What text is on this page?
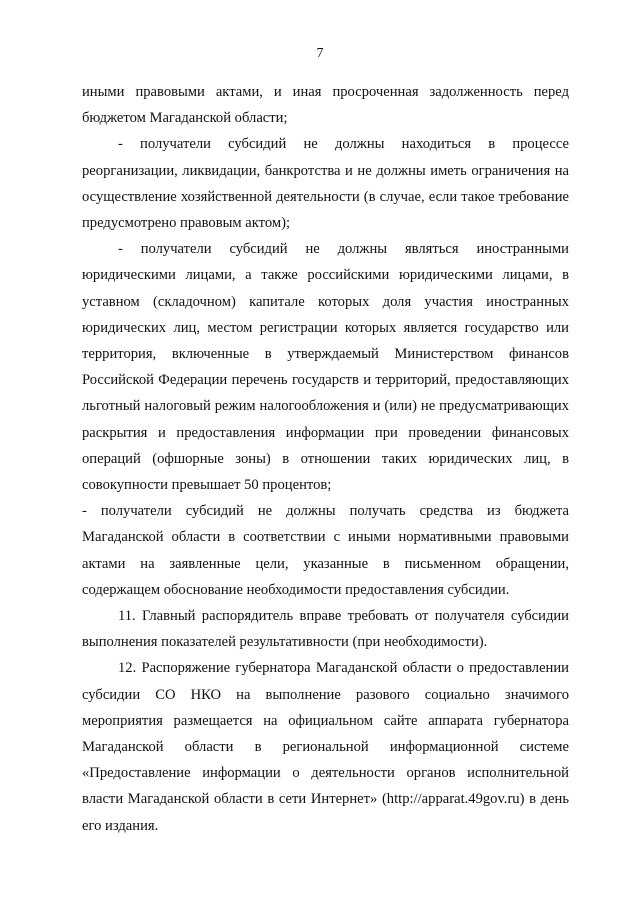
7

иными правовыми актами, и иная просроченная задолженность перед бюджетом Магаданской области;

- получатели субсидий не должны находиться в процессе реорганизации, ликвидации, банкротства и не должны иметь ограничения на осуществление хозяйственной деятельности (в случае, если такое требование предусмотрено правовым актом);

- получатели субсидий не должны являться иностранными юридическими лицами, а также российскими юридическими лицами, в уставном (складочном) капитале которых доля участия иностранных юридических лиц, местом регистрации которых является государство или территория, включенные в утверждаемый Министерством финансов Российской Федерации перечень государств и территорий, предоставляющих льготный налоговый режим налогообложения и (или) не предусматривающих раскрытия и предоставления информации при проведении финансовых операций (офшорные зоны) в отношении таких юридических лиц, в совокупности превышает 50 процентов;

- получатели субсидий не должны получать средства из бюджета Магаданской области в соответствии с иными нормативными правовыми актами на заявленные цели, указанные в письменном обращении, содержащем обоснование необходимости предоставления субсидии.

11. Главный распорядитель вправе требовать от получателя субсидии выполнения показателей результативности (при необходимости).

12. Распоряжение губернатора Магаданской области о предоставлении субсидии СО НКО на выполнение разового социально значимого мероприятия размещается на официальном сайте аппарата губернатора Магаданской области в региональной информационной системе «Предоставление информации о деятельности органов исполнительной власти Магаданской области в сети Интернет» (http://apparat.49gov.ru) в день его издания.
